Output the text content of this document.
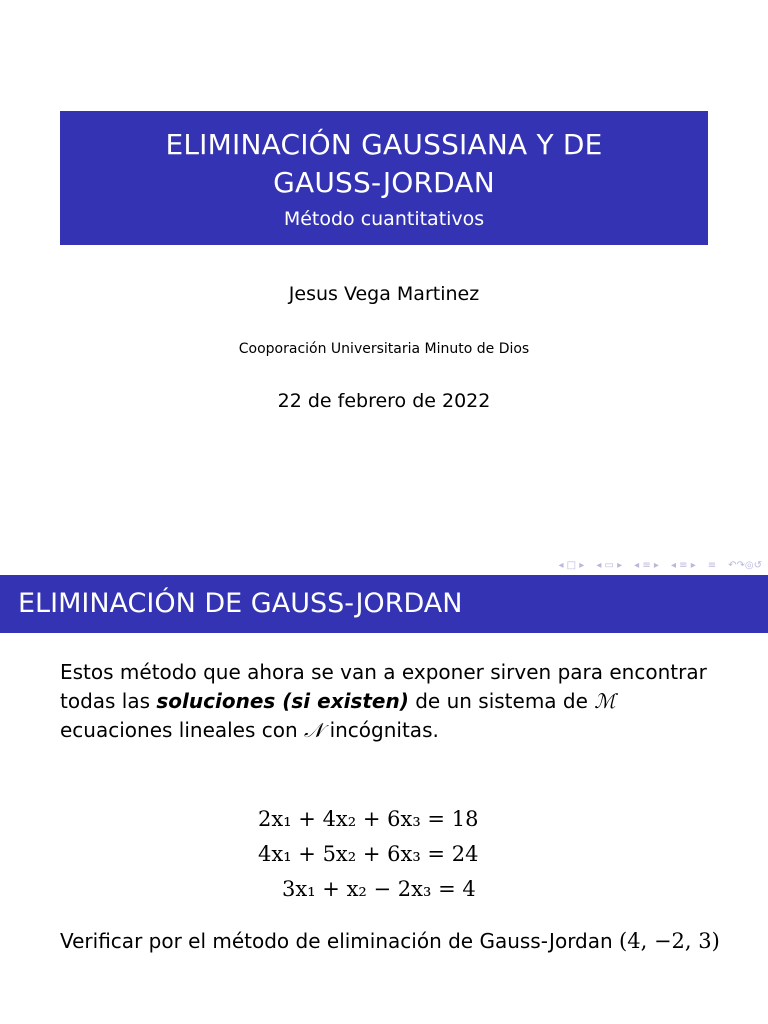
ELIMINACIÓN GAUSSIANA Y DE
GAUSS-JORDAN
Método cuantitativos
Jesus Vega Martinez
Cooporación Universitaria Minuto de Dios
22 de febrero de 2022
◂ □ ▸ ◂ ▭ ▸ ◂ ≡ ▸ ◂ ≡ ▸ ≡ ↶↷◎↺
ELIMINACIÓN DE GAUSS-JORDAN
Estos método que ahora se van a exponer sirven para encontrar todas las soluciones (si existen) de un sistema de ℳ ecuaciones lineales con 𝒩 incógnitas.
2x₁ + 4x₂ + 6x₃ = 18
4x₁ + 5x₂ + 6x₃ = 24
3x₁ + x₂ − 2x₃ = 4
Verificar por el método de eliminación de Gauss-Jordan (4, −2, 3)
